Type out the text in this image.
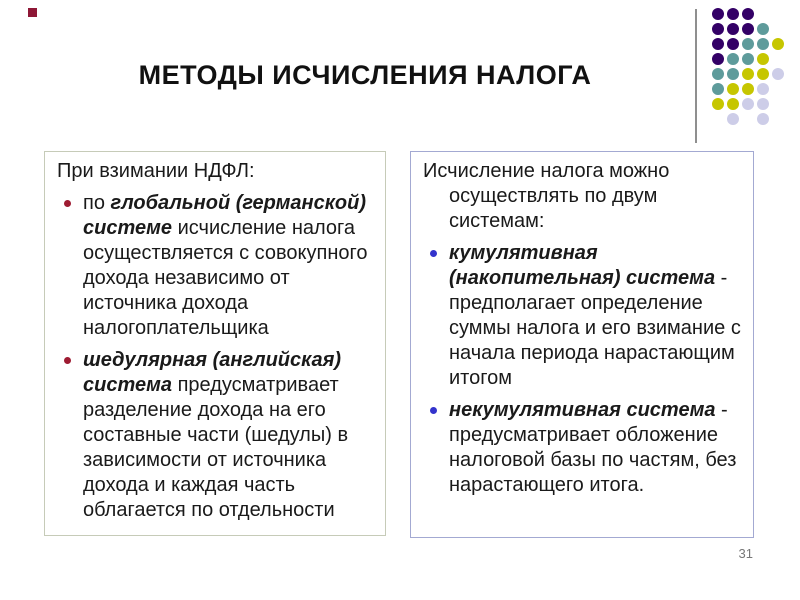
МЕТОДЫ ИСЧИСЛЕНИЯ НАЛОГА

При взимании НДФЛ:

по глобальной (германской) системе исчисление налога осуществляется с совокупного дохода независимо от источника дохода налогоплательщика
шедулярная (английская) система предусматривает разделение дохода на его составные части (шедулы) в зависимости от источника дохода и каждая часть облагается по отдельности

Исчисление налога можно осуществлять по двум системам:

кумулятивная (накопительная) система - предполагает определение суммы налога и его взимание с начала периода нарастающим итогом
некумулятивная система - предусматривает обложение налоговой базы по частям, без нарастающего итога.
31
